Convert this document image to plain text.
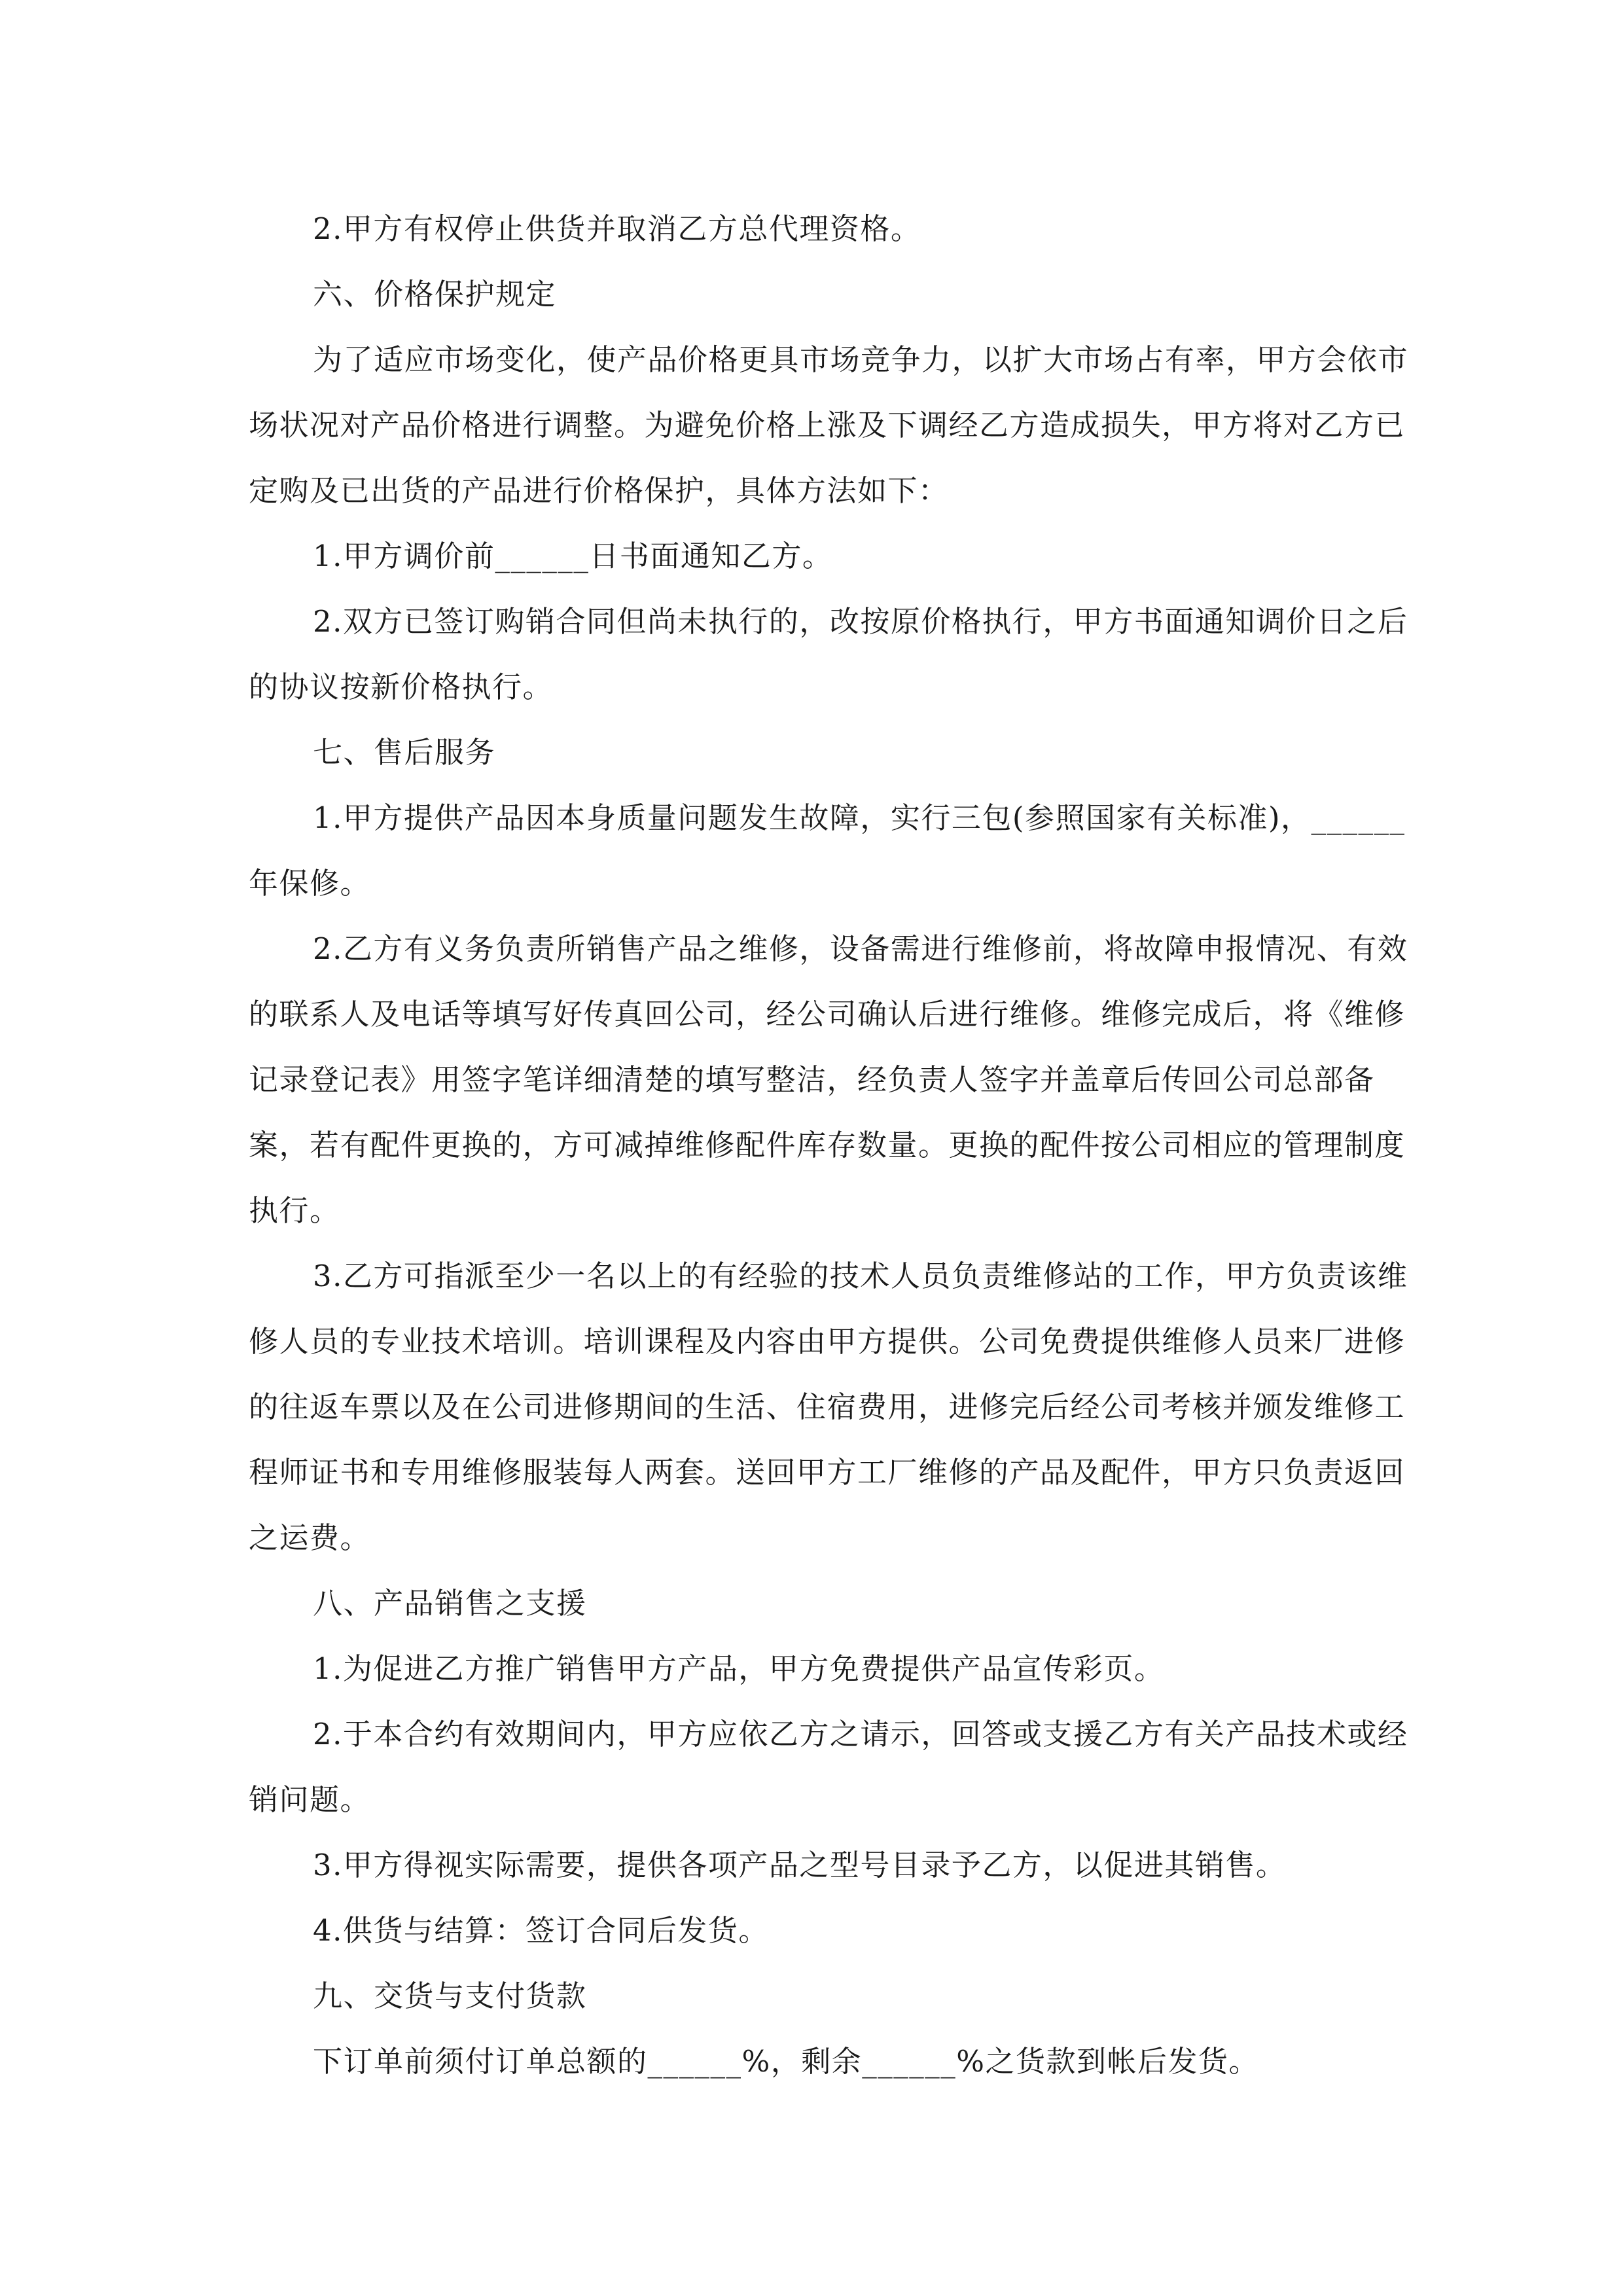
2.甲方有权停止供货并取消乙方总代理资格。

六、价格保护规定

为了适应市场变化，使产品价格更具市场竞争力，以扩大市场占有率，甲方会依市场状况对产品价格进行调整。为避免价格上涨及下调经乙方造成损失，甲方将对乙方已定购及已出货的产品进行价格保护，具体方法如下：

1.甲方调价前______日书面通知乙方。

2.双方已签订购销合同但尚未执行的，改按原价格执行，甲方书面通知调价日之后的协议按新价格执行。

七、售后服务

1.甲方提供产品因本身质量问题发生故障，实行三包(参照国家有关标准)，______年保修。

2.乙方有义务负责所销售产品之维修，设备需进行维修前，将故障申报情况、有效的联系人及电话等填写好传真回公司，经公司确认后进行维修。维修完成后，将《维修记录登记表》用签字笔详细清楚的填写整洁，经负责人签字并盖章后传回公司总部备案，若有配件更换的，方可减掉维修配件库存数量。更换的配件按公司相应的管理制度执行。

3.乙方可指派至少一名以上的有经验的技术人员负责维修站的工作，甲方负责该维修人员的专业技术培训。培训课程及内容由甲方提供。公司免费提供维修人员来厂进修的往返车票以及在公司进修期间的生活、住宿费用，进修完后经公司考核并颁发维修工程师证书和专用维修服装每人两套。送回甲方工厂维修的产品及配件，甲方只负责返回之运费。

八、产品销售之支援

1.为促进乙方推广销售甲方产品，甲方免费提供产品宣传彩页。

2.于本合约有效期间内，甲方应依乙方之请示，回答或支援乙方有关产品技术或经销问题。

3.甲方得视实际需要，提供各项产品之型号目录予乙方，以促进其销售。

4.供货与结算：签订合同后发货。

九、交货与支付货款

下订单前须付订单总额的______%，剩余______%之货款到帐后发货。
